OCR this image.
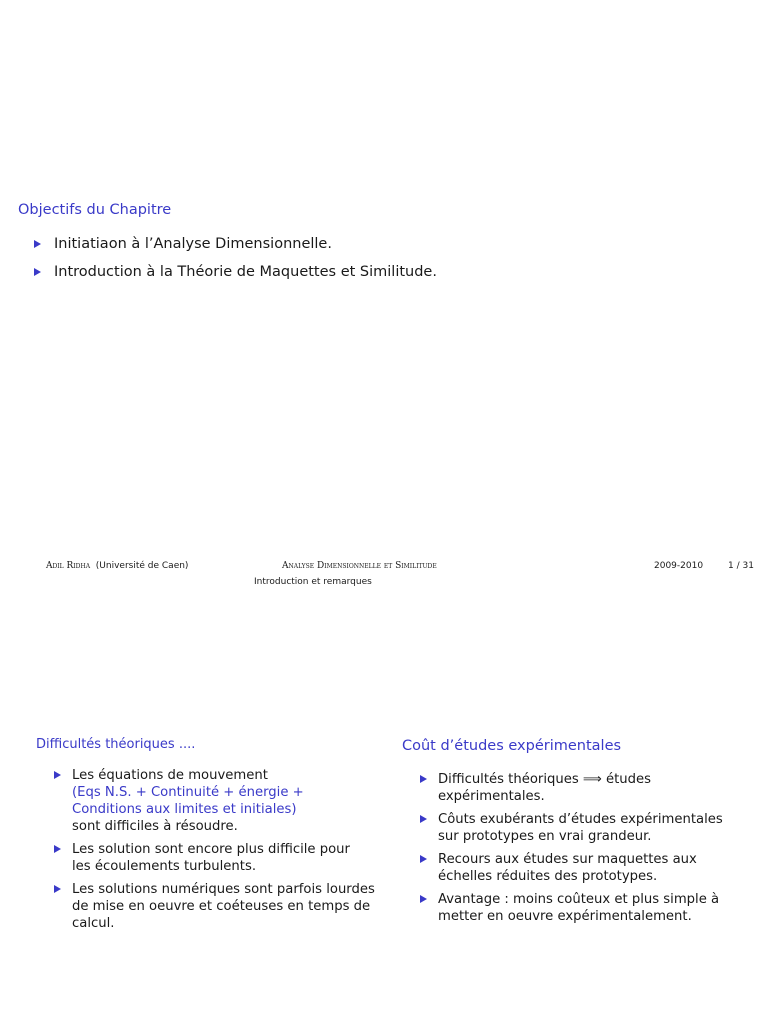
Objectifs du Chapitre
Initiatiaon à l’Analyse Dimensionnelle.
Introduction à la Théorie de Maquettes et Similitude.
Adil Ridha (Université de Caen)	Analyse Dimensionnelle et Similitude
Introduction et remarques
2009-2010	1 / 31
Difficultés théoriques ....
Les équations de mouvement
(Eqs N.S. + Continuité + énergie +
Conditions aux limites et initiales)
sont difficiles à résoudre.
Les solution sont encore plus difficile pour
les écoulements turbulents.
Les solutions numériques sont parfois lourdes
de mise en oeuvre et coéteuses en temps de
calcul.
Coût d’études expérimentales
Difficultés théoriques ⟹ études
expérimentales.
Côuts exubérants d’études expérimentales
sur prototypes en vrai grandeur.
Recours aux études sur maquettes aux
échelles réduites des prototypes.
Avantage : moins coûteux et plus simple à
metter en oeuvre expérimentalement.
